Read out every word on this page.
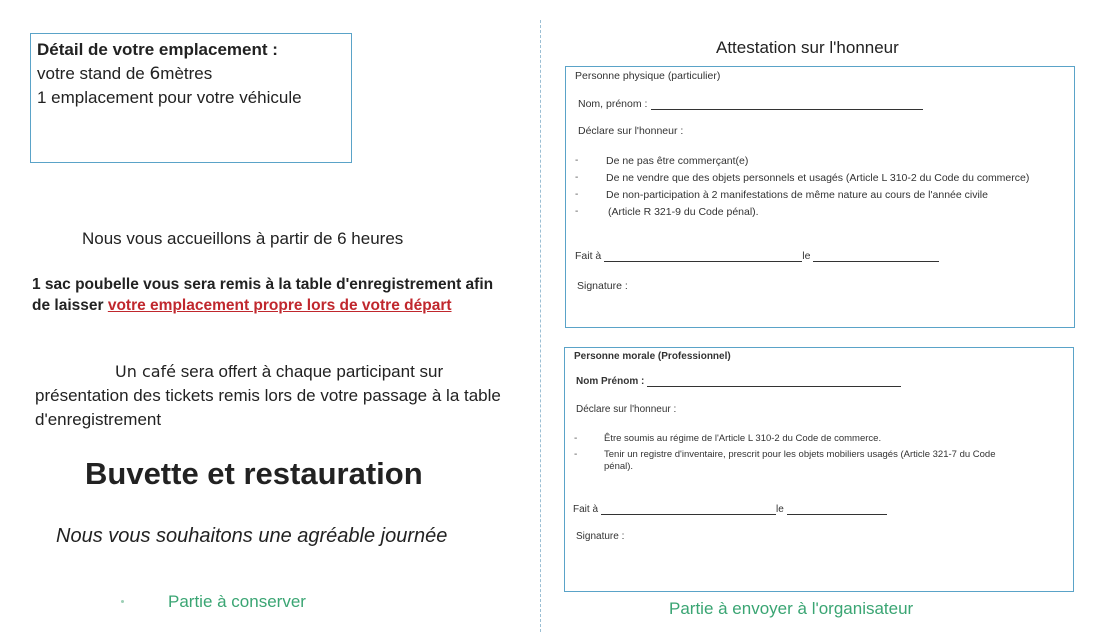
Détail de votre emplacement :
votre stand de 6mètres
1 emplacement pour votre véhicule
Nous vous accueillons à partir de 6 heures
1 sac poubelle vous sera remis à la table d'enregistrement afin de laisser votre emplacement propre lors de votre départ
Un café sera offert à chaque participant sur présentation des tickets remis lors de votre passage à la table d'enregistrement
Buvette et restauration
Nous vous souhaitons une agréable journée
Partie à conserver
Attestation sur l'honneur
Personne physique (particulier)
Nom, prénom :
Déclare sur l'honneur :
-	De ne pas être commerçant(e)
-	De ne vendre que des objets personnels et usagés (Article L 310-2 du Code du commerce)
-	De non-participation à 2 manifestations de même nature au cours de l'année civile
-	(Article R 321-9 du Code pénal).
Fait à	le
Signature :
Personne morale (Professionnel)
Nom Prénom :
Déclare sur l'honneur :
-	Être soumis au régime de l'Article L 310-2 du Code de commerce.
-	Tenir un registre d'inventaire, prescrit pour les objets mobiliers usagés (Article 321-7 du Code
pénal).
Fait à	le
Signature :
Partie à envoyer à l'organisateur
